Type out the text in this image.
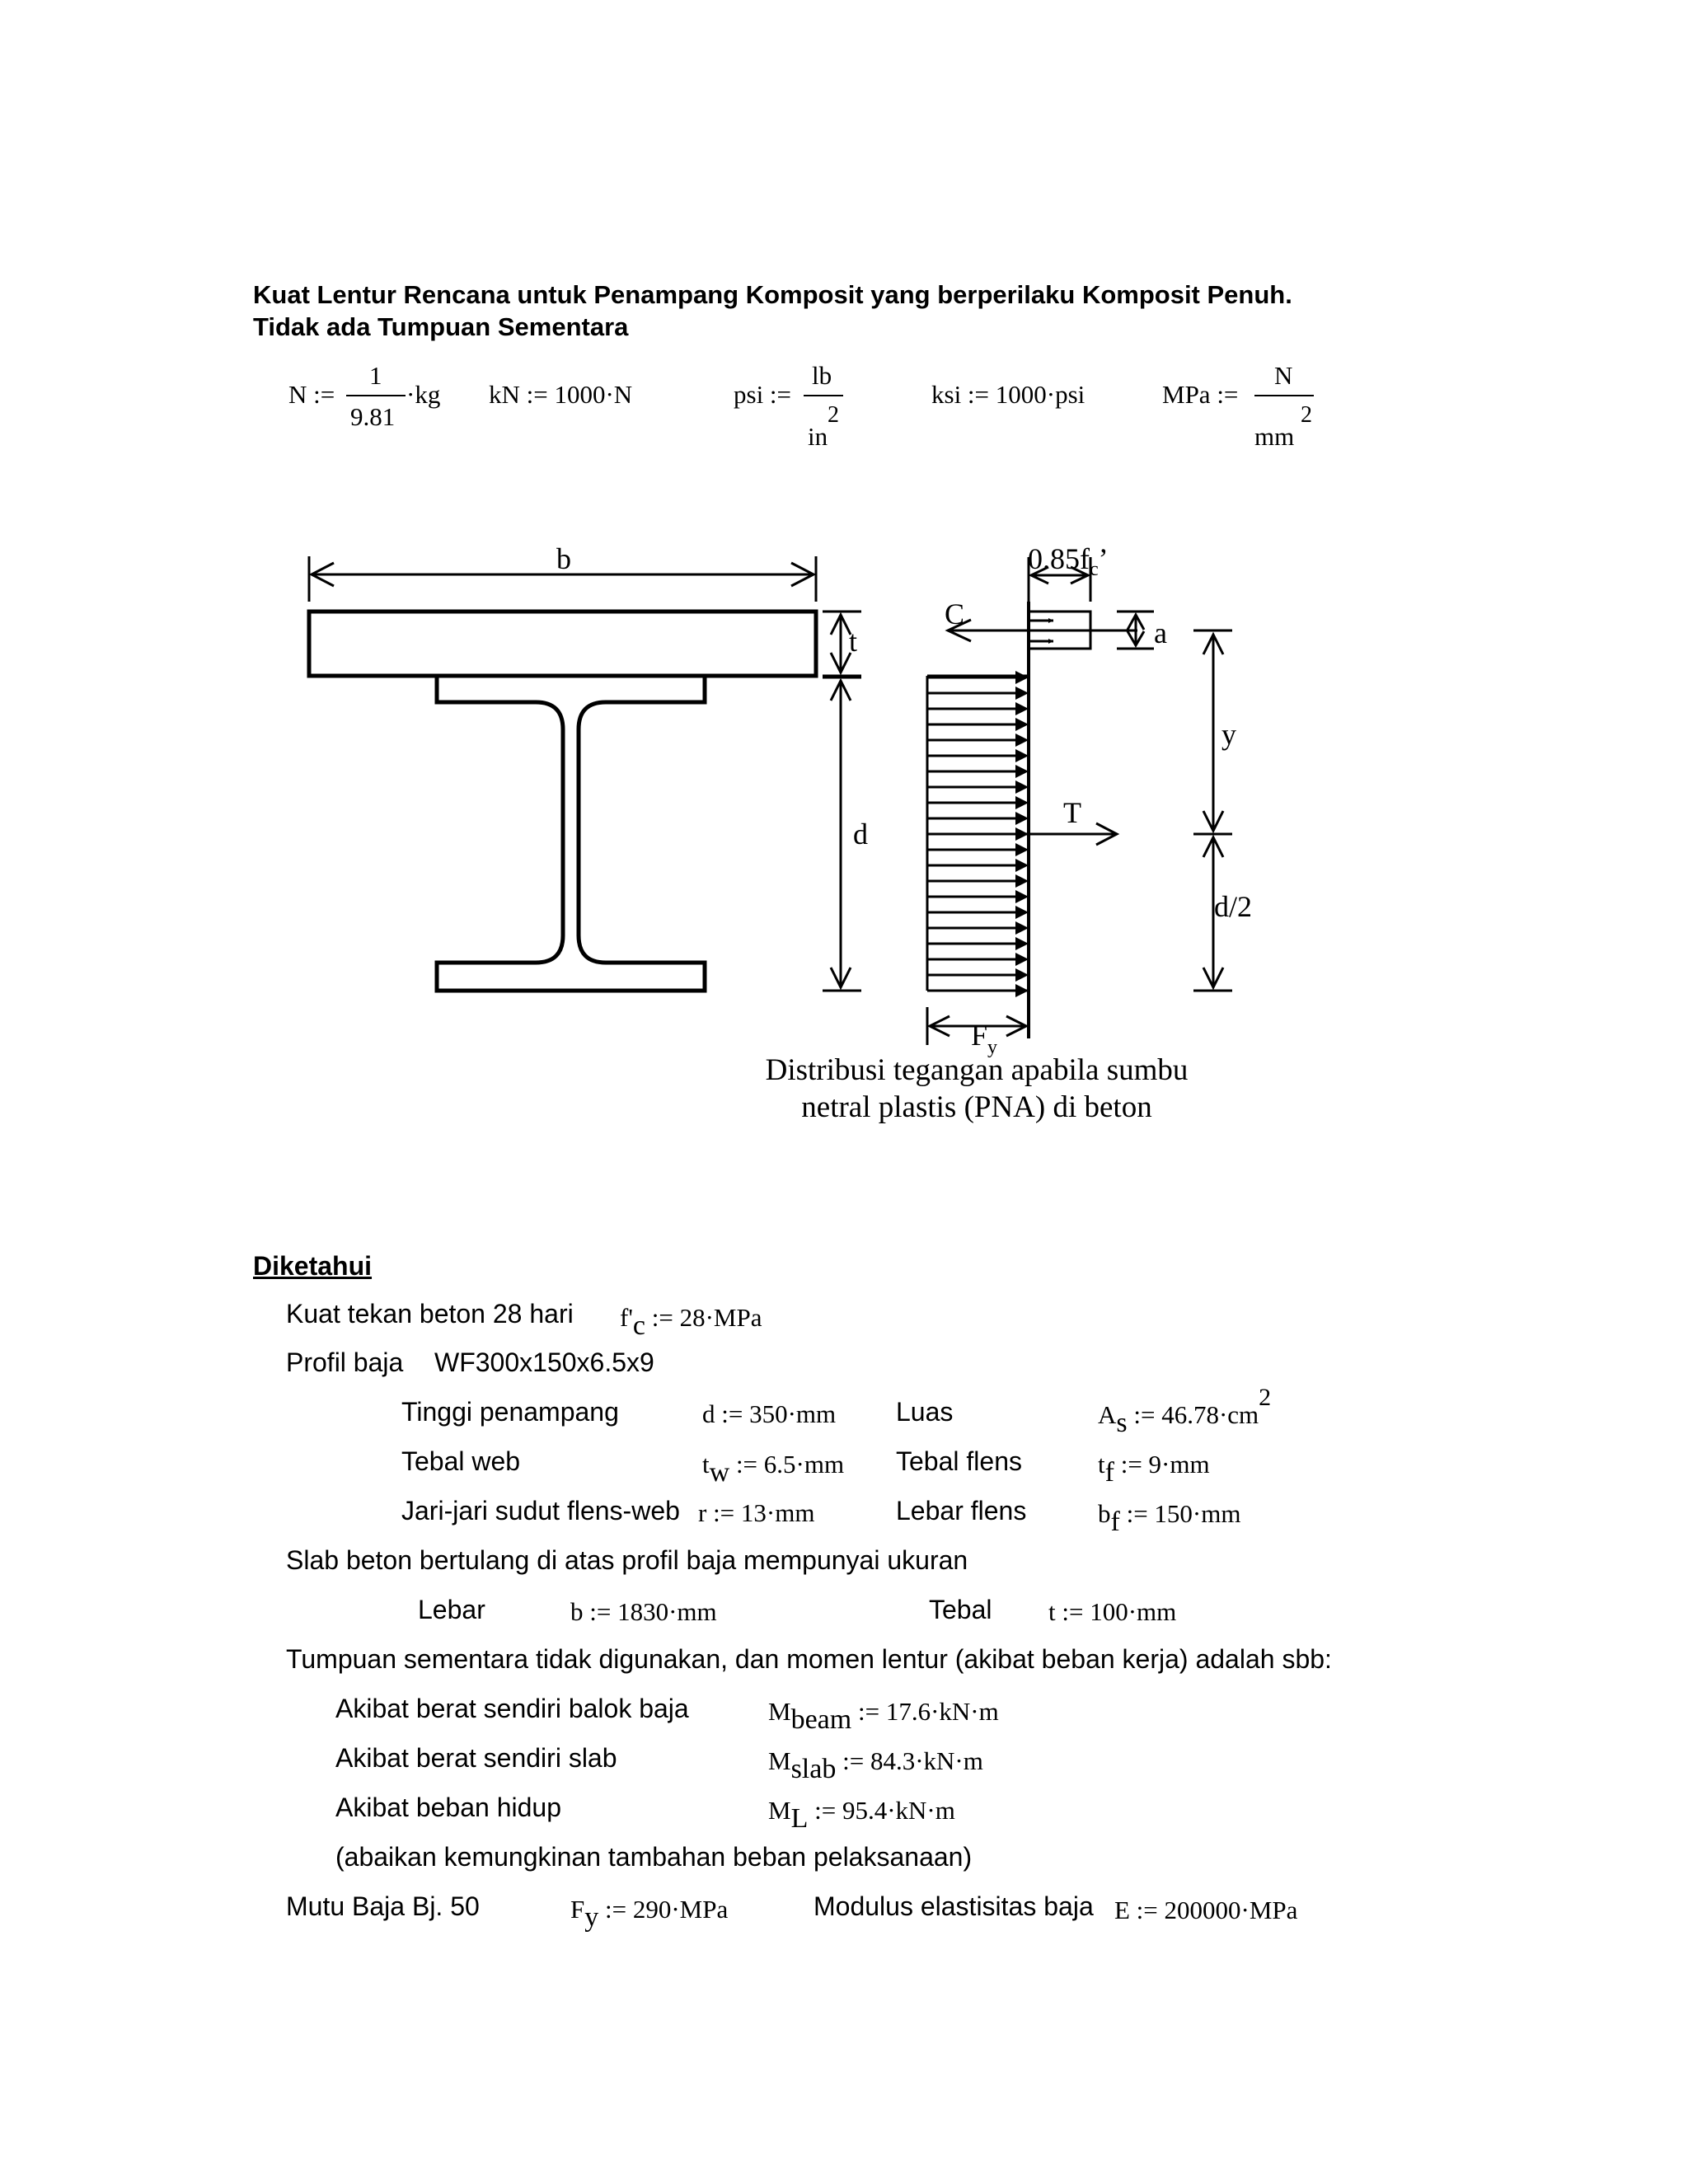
Kuat Lentur Rencana untuk Penampang Komposit yang berperilaku Komposit Penuh.
Tidak ada Tumpuan Sementara
N :=
1
9.81
·kg kN := 1000·N	psi :=
lb
in
2
ksi := 1000·psi	MPa :=
N
mm
2
b
t
d
C
T
$0.85f_c$’
a
y
d/2
$F_y$
Distribusi tegangan apabila sumbu
netral plastis (PNA) di beton
Diketahui
Kuat tekan beton 28 hari f'c := 28·MPa
Profil baja WF300x150x6.5x9
Tinggi penampang	d := 350·mm Luas	As := 46.78·cm2
Tebal web	tw := 6.5·mm Tebal flens	tf := 9·mm
Jari-jari sudut flens-web r := 13·mm	Lebar flens	bf := 150·mm
Slab beton bertulang di atas profil baja mempunyai ukuran
Lebar	b := 1830·mm	Tebal t := 100·mm
Tumpuan sementara tidak digunakan, dan momen lentur (akibat beban kerja) adalah sbb:
Akibat berat sendiri balok baja	Mbeam := 17.6·kN·m
Akibat berat sendiri slab	Mslab := 84.3·kN·m
Akibat beban hidup	ML := 95.4·kN·m
(abaikan kemungkinan tambahan beban pelaksanaan)
Mutu Baja Bj. 50	Fy := 290·MPa	Modulus elastisitas baja E := 200000·MPa
